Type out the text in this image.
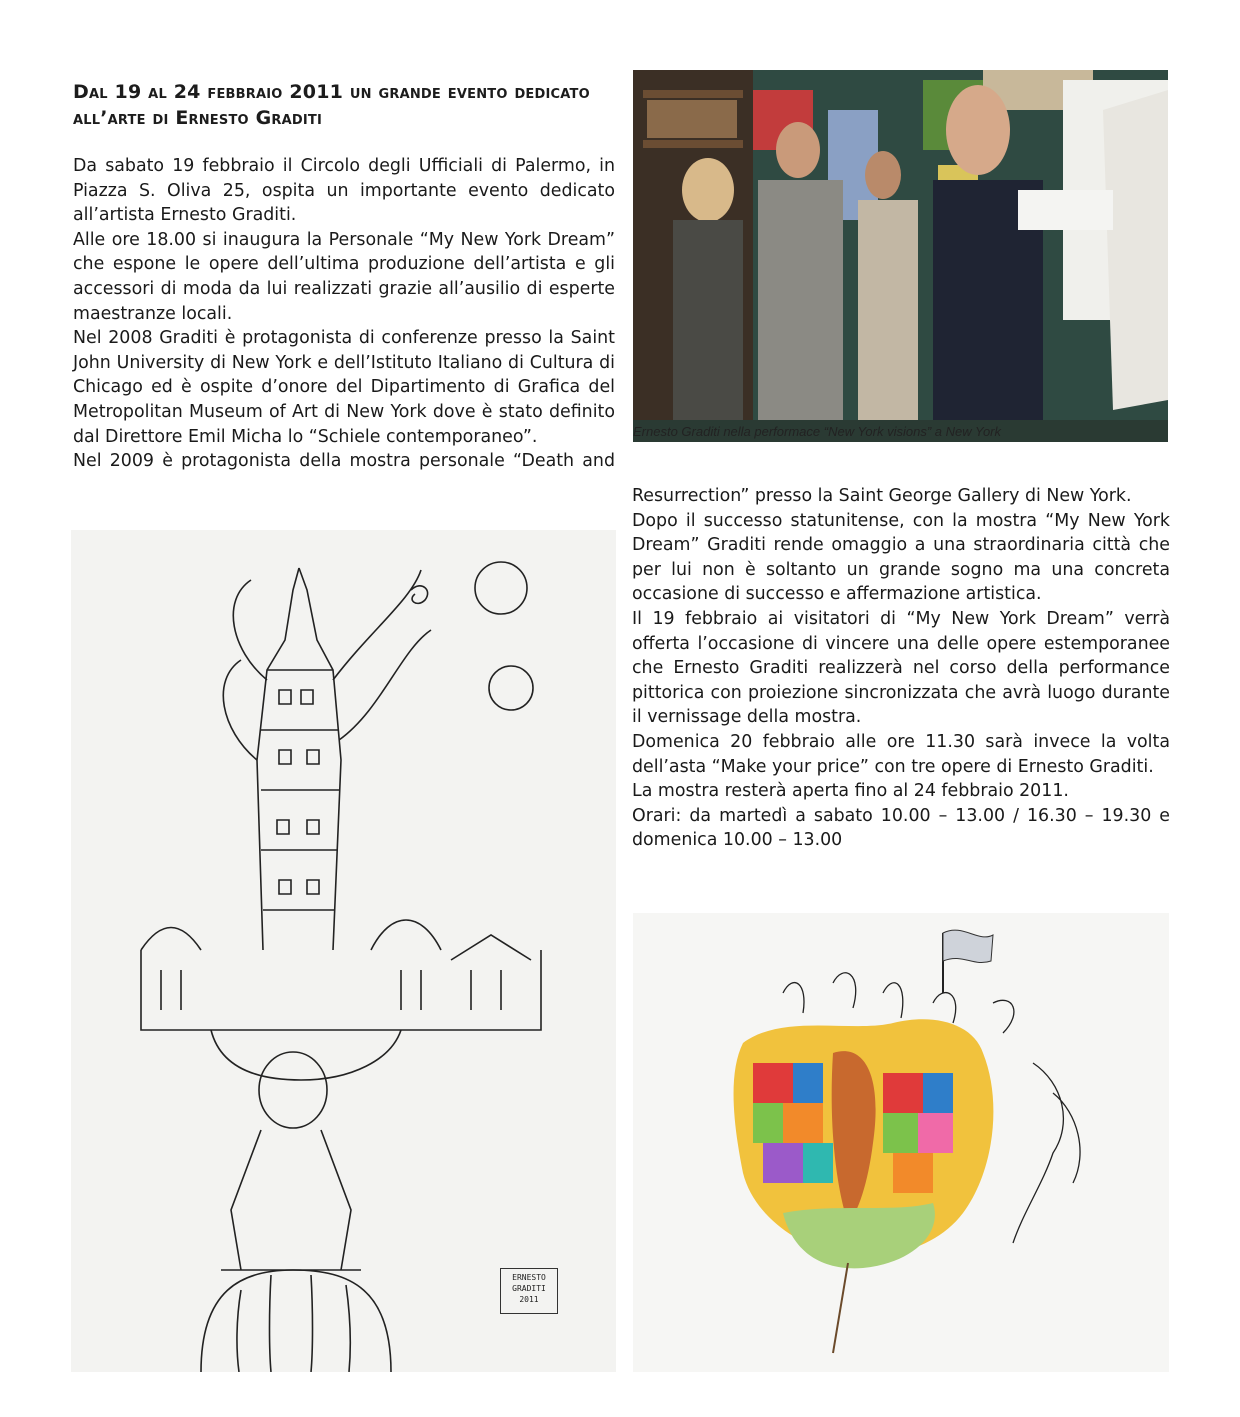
Dal 19 al 24 febbraio 2011 un grande evento dedicato all’arte di Ernesto Graditi

Da sabato 19 febbraio il Circolo degli Ufficiali di Palermo, in Piazza S. Oliva 25, ospita un importante evento dedicato all’artista Ernesto Graditi.

Alle ore 18.00 si inaugura la Personale “My New York Dream” che espone le opere dell’ultima produzione dell’artista e gli accessori di moda da lui realizzati grazie all’ausilio di esperte maestranze locali.

Nel 2008 Graditi è protagonista di conferenze presso la Saint John University di New York e dell’Istituto Italiano di Cultura di Chicago ed è ospite d’onore del Dipartimento di Grafica del Metropolitan Museum of Art di New York dove è stato definito dal Direttore Emil Micha lo “Schiele contemporaneo”.

Nel 2009 è protagonista della mostra personale “Death and

Ernesto Graditi nella performace “New York visions” a New York

Resurrection” presso la Saint George Gallery di New York.

Dopo il successo statunitense, con la mostra “My New York Dream” Graditi rende omaggio a una straordinaria città che per lui non è soltanto un grande sogno ma una concreta occasione di successo e affermazione artistica.

Il 19 febbraio ai visitatori di “My New York Dream” verrà offerta l’occasione di vincere una delle opere estemporanee che Ernesto Graditi realizzerà nel corso della performance pittorica con proiezione sincronizzata che avrà luogo durante il vernissage della mostra.

Domenica 20 febbraio alle ore 11.30 sarà invece la volta dell’asta “Make your price” con tre opere di Ernesto Graditi.

La mostra resterà aperta fino al 24 febbraio 2011.

Orari: da martedì a sabato 10.00 – 13.00 / 16.30 – 19.30 e domenica 10.00 – 13.00

ERNESTO
GRADITI
2011
